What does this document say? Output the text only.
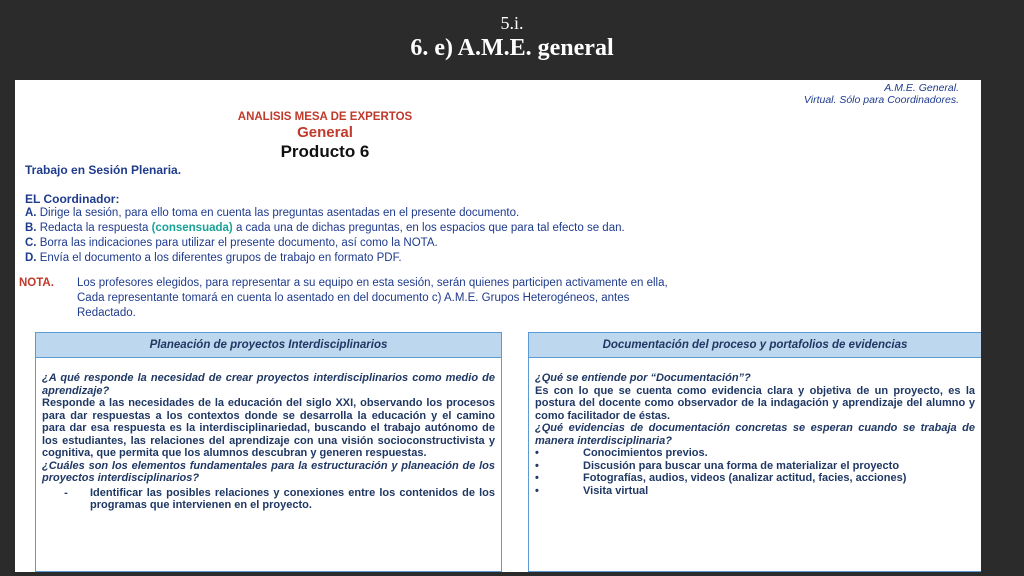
5.i.
6. e) A.M.E. general
A.M.E. General.
Virtual. Sólo para Coordinadores.
ANALISIS MESA DE EXPERTOS
General
Producto 6
Trabajo en Sesión Plenaria.
EL Coordinador:
A. Dirige la sesión, para ello toma en cuenta las preguntas asentadas en el presente documento.
B. Redacta la respuesta (consensuada) a cada una de dichas preguntas, en los espacios que para tal efecto se dan.
C. Borra las indicaciones para utilizar el presente documento, así como la NOTA.
D. Envía el documento a los diferentes grupos de trabajo en formato PDF.
NOTA. Los profesores elegidos, para representar a su equipo en esta sesión, serán quienes participen activamente en ella,
Cada representante tomará en cuenta lo asentado en del documento c) A.M.E. Grupos Heterogéneos, antes
Redactado.
Planeación de proyectos Interdisciplinarios

¿A qué responde la necesidad de crear proyectos interdisciplinarios como medio de aprendizaje?

Responde a las necesidades de la educación del siglo XXI, observando los procesos para dar respuestas a los contextos donde se desarrolla la educación y el camino para dar esa respuesta es la interdisciplinariedad, buscando el trabajo autónomo de los estudiantes, las relaciones del aprendizaje con una visión socioconstructivista y cognitiva, que permita que los alumnos descubran y generen respuestas.

¿Cuáles son los elementos fundamentales para la estructuración y planeación de los proyectos interdisciplinarios?

-	Identificar las posibles relaciones y conexiones entre los contenidos de los programas que intervienen en el proyecto.

Documentación del proceso y portafolios de evidencias

¿Qué se entiende por “Documentación”?

Es con lo que se cuenta como evidencia clara y objetiva de un proyecto, es la postura del docente como observador de la indagación y aprendizaje del alumno y como facilitador de éstas.

¿Qué evidencias de documentación concretas se esperan cuando se trabaja de manera interdisciplinaria?

•	Conocimientos previos.
•	Discusión para buscar una forma de materializar el proyecto
•	Fotografías, audios, videos (analizar actitud, facies, acciones)
•	Visita virtual
